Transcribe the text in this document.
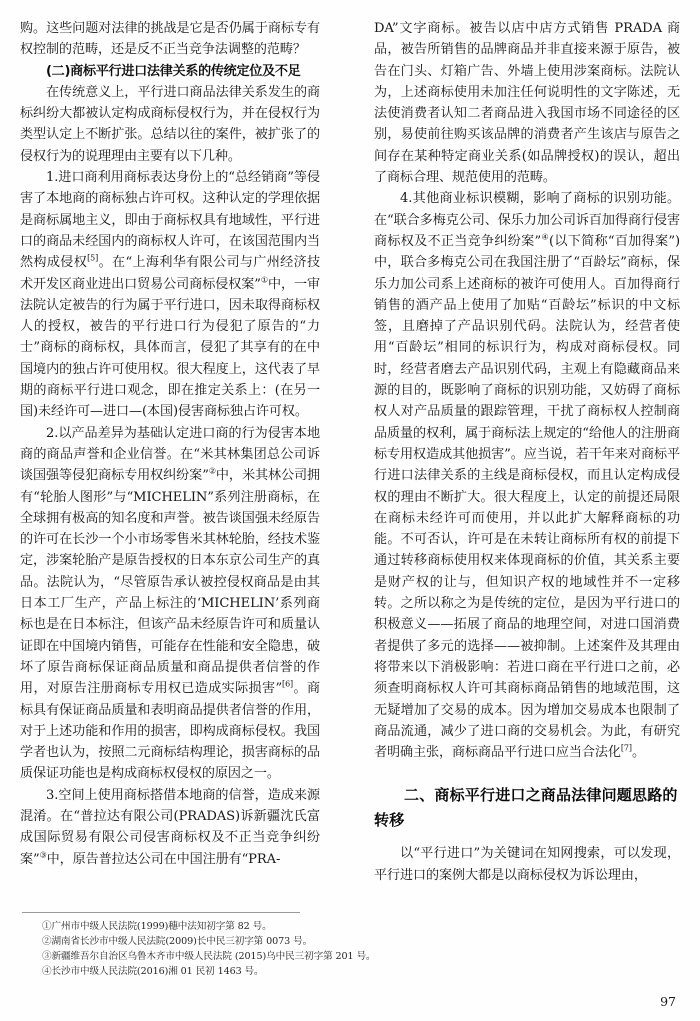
购。这些问题对法律的挑战是它是否仍属于商标专有权控制的范畴，还是反不正当竞争法调整的范畴？

(二)商标平行进口法律关系的传统定位及不足

在传统意义上，平行进口商品法律关系发生的商标纠纷大都被认定构成商标侵权行为，并在侵权行为类型认定上不断扩张。总结以往的案件，被扩张了的侵权行为的说理理由主要有以下几种。

1.进口商利用商标表达身份上的“总经销商”等侵害了本地商的商标独占许可权。这种认定的学理依据是商标属地主义，即由于商标权具有地域性，平行进口的商品未经国内的商标权人许可，在该国范围内当然构成侵权[5]。在“上海利华有限公司与广州经济技术开发区商业进出口贸易公司商标侵权案”①中，一审法院认定被告的行为属于平行进口，因未取得商标权人的授权，被告的平行进口行为侵犯了原告的“力士”商标的商标权，具体而言，侵犯了其享有的在中国境内的独占许可使用权。很大程度上，这代表了早期的商标平行进口观念，即在推定关系上：(在另一国)未经许可—进口—(本国)侵害商标独占许可权。

2.以产品差异为基础认定进口商的行为侵害本地商的商品声誉和企业信誉。在“米其林集团总公司诉谈国强等侵犯商标专用权纠纷案”②中，米其林公司拥有“轮胎人图形”与“MICHELIN”系列注册商标，在全球拥有极高的知名度和声誉。被告谈国强未经原告的许可在长沙一个小市场零售米其林轮胎，经技术鉴定，涉案轮胎产是原告授权的日本东京公司生产的真品。法院认为，“尽管原告承认被控侵权商品是由其日本工厂生产，产品上标注的‘MICHELIN’系列商标也是在日本标注，但该产品未经原告许可和质量认证即在中国境内销售，可能存在性能和安全隐患，破坏了原告商标保证商品质量和商品提供者信誉的作用，对原告注册商标专用权已造成实际损害”[6]。商标具有保证商品质量和表明商品提供者信誉的作用，对于上述功能和作用的损害，即构成商标侵权。我国学者也认为，按照二元商标结构理论，损害商标的品质保证功能也是构成商标权侵权的原因之一。

3.空间上使用商标搭借本地商的信誉，造成来源混淆。在“普拉达有限公司(PRADAS)诉新疆沈氏富成国际贸易有限公司侵害商标权及不正当竞争纠纷案”③中，原告普拉达公司在中国注册有“PRA-

DA”文字商标。被告以店中店方式销售 PRADA 商品，被告所销售的品牌商品并非直接来源于原告，被告在门头、灯箱广告、外墙上使用涉案商标。法院认为，上述商标使用未加注任何说明性的文字陈述，无法使消费者认知二者商品进入我国市场不同途径的区别，易使前往购买该品牌的消费者产生该店与原告之间存在某种特定商业关系(如品牌授权)的误认，超出了商标合理、规范使用的范畴。

4.其他商业标识模糊，影响了商标的识别功能。在“联合多梅克公司、保乐力加公司诉百加得商行侵害商标权及不正当竞争纠纷案”④(以下简称“百加得案”)中，联合多梅克公司在我国注册了“百龄坛”商标，保乐力加公司系上述商标的被许可使用人。百加得商行销售的酒产品上使用了加贴“百龄坛”标识的中文标签，且磨掉了产品识别代码。法院认为，经营者使用“百龄坛”相同的标识行为，构成对商标侵权。同时，经营者磨去产品识别代码，主观上有隐藏商品来源的目的，既影响了商标的识别功能，又妨碍了商标权人对产品质量的跟踪管理，干扰了商标权人控制商品质量的权利，属于商标法上规定的“给他人的注册商标专用权造成其他损害”。应当说，若干年来对商标平行进口法律关系的主线是商标侵权，而且认定构成侵权的理由不断扩大。很大程度上，认定的前提还局限在商标未经许可而使用，并以此扩大解释商标的功能。不可否认，许可是在未转让商标所有权的前提下通过转移商标使用权来体现商标的价值，其关系主要是财产权的让与，但知识产权的地域性并不一定移转。之所以称之为是传统的定位，是因为平行进口的积极意义——拓展了商品的地理空间，对进口国消费者提供了多元的选择——被抑制。上述案件及其理由将带来以下消极影响：若进口商在平行进口之前，必须查明商标权人许可其商标商品销售的地域范围，这无疑增加了交易的成本。因为增加交易成本也限制了商品流通，减少了进口商的交易机会。为此，有研究者明确主张，商标商品平行进口应当合法化[7]。

二、商标平行进口之商品法律问题思路的转移

以“平行进口”为关键词在知网搜索，可以发现，平行进口的案例大都是以商标侵权为诉讼理由，

①广州市中级人民法院(1999)穗中法知初字第 82 号。
②湖南省长沙市中级人民法院(2009)长中民三初字第 0073 号。
③新疆维吾尔自治区乌鲁木齐市中级人民法院 (2015)乌中民三初字第 201 号。
④长沙市中级人民法院(2016)湘 01 民初 1463 号。
97
